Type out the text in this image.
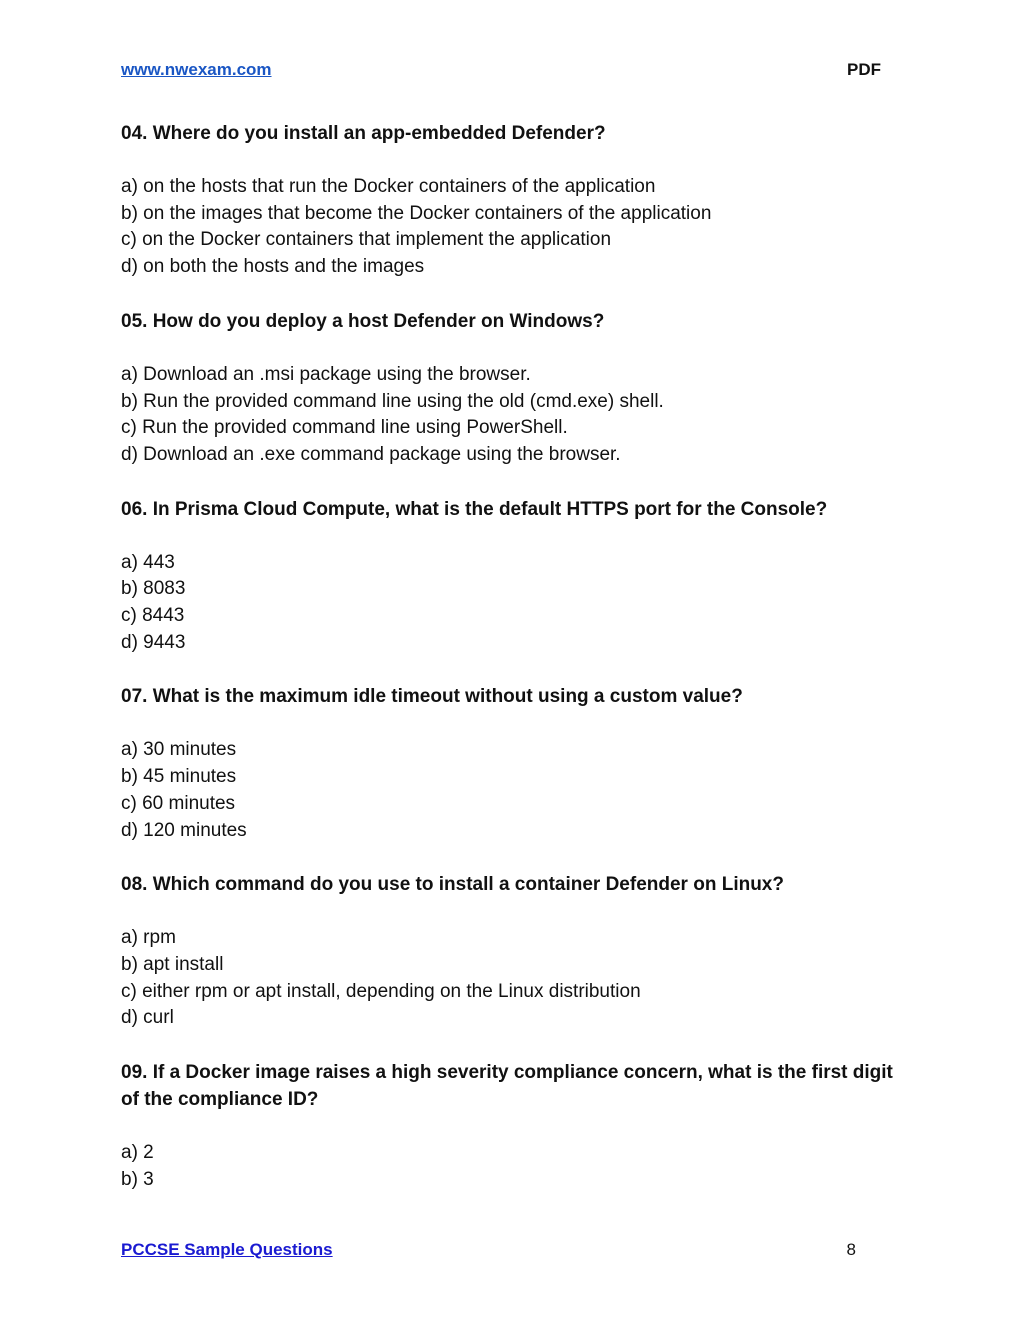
www.nwexam.com	PDF

04. Where do you install an app-embedded Defender?

a) on the hosts that run the Docker containers of the application

b) on the images that become the Docker containers of the application

c) on the Docker containers that implement the application

d) on both the hosts and the images

05. How do you deploy a host Defender on Windows?

a) Download an .msi package using the browser.

b) Run the provided command line using the old (cmd.exe) shell.

c) Run the provided command line using PowerShell.

d) Download an .exe command package using the browser.

06. In Prisma Cloud Compute, what is the default HTTPS port for the Console?

a) 443

b) 8083

c) 8443

d) 9443

07. What is the maximum idle timeout without using a custom value?

a) 30 minutes

b) 45 minutes

c) 60 minutes

d) 120 minutes

08. Which command do you use to install a container Defender on Linux?

a) rpm

b) apt install

c) either rpm or apt install, depending on the Linux distribution

d) curl

09. If a Docker image raises a high severity compliance concern, what is the first digit of the compliance ID?

a) 2

b) 3

PCCSE Sample Questions	8
